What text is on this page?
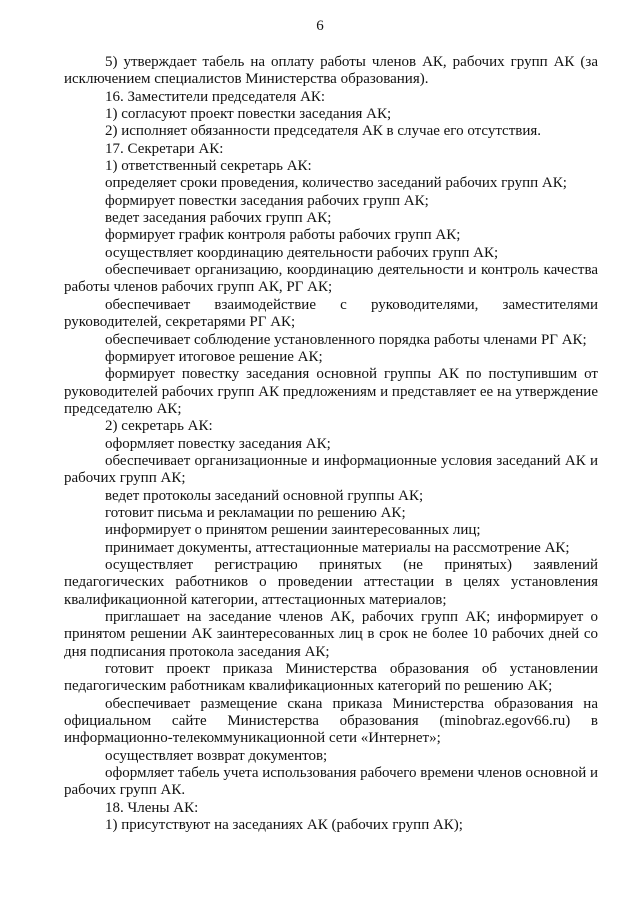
6

5) утверждает табель на оплату работы членов АК, рабочих групп АК (за исключением специалистов Министерства образования).

16. Заместители председателя АК:

1) согласуют проект повестки заседания АК;

2) исполняет обязанности председателя АК в случае его отсутствия.

17. Секретари АК:

1) ответственный секретарь АК:

определяет сроки проведения, количество заседаний рабочих групп АК;

формирует повестки заседания рабочих групп АК;

ведет заседания рабочих групп АК;

формирует график контроля работы рабочих групп АК;

осуществляет координацию деятельности рабочих групп АК;

обеспечивает организацию, координацию деятельности и контроль качества работы членов рабочих групп АК, РГ АК;

обеспечивает взаимодействие с руководителями, заместителями руководителей, секретарями РГ АК;

обеспечивает соблюдение установленного порядка работы членами РГ АК;

формирует итоговое решение АК;

формирует повестку заседания основной группы АК по поступившим от руководителей рабочих групп АК предложениям и представляет ее на утверждение председателю АК;

2) секретарь АК:

оформляет повестку заседания АК;

обеспечивает организационные и информационные условия заседаний АК и рабочих групп АК;

ведет протоколы заседаний основной группы АК;

готовит письма и рекламации по решению АК;

информирует о принятом решении заинтересованных лиц;

принимает документы, аттестационные материалы на рассмотрение АК;

осуществляет регистрацию принятых (не принятых) заявлений педагогических работников о проведении аттестации в целях установления квалификационной категории, аттестационных материалов;

приглашает на заседание членов АК, рабочих групп АК; информирует о принятом решении АК заинтересованных лиц в срок не более 10 рабочих дней со дня подписания протокола заседания АК;

готовит проект приказа Министерства образования об установлении педагогическим работникам квалификационных категорий по решению АК;

обеспечивает размещение скана приказа Министерства образования на официальном сайте Министерства образования (minobraz.egov66.ru) в информационно-телекоммуникационной сети «Интернет»;

осуществляет возврат документов;

оформляет табель учета использования рабочего времени членов основной и рабочих групп АК.

18. Члены АК:

1) присутствуют на заседаниях АК (рабочих групп АК);
